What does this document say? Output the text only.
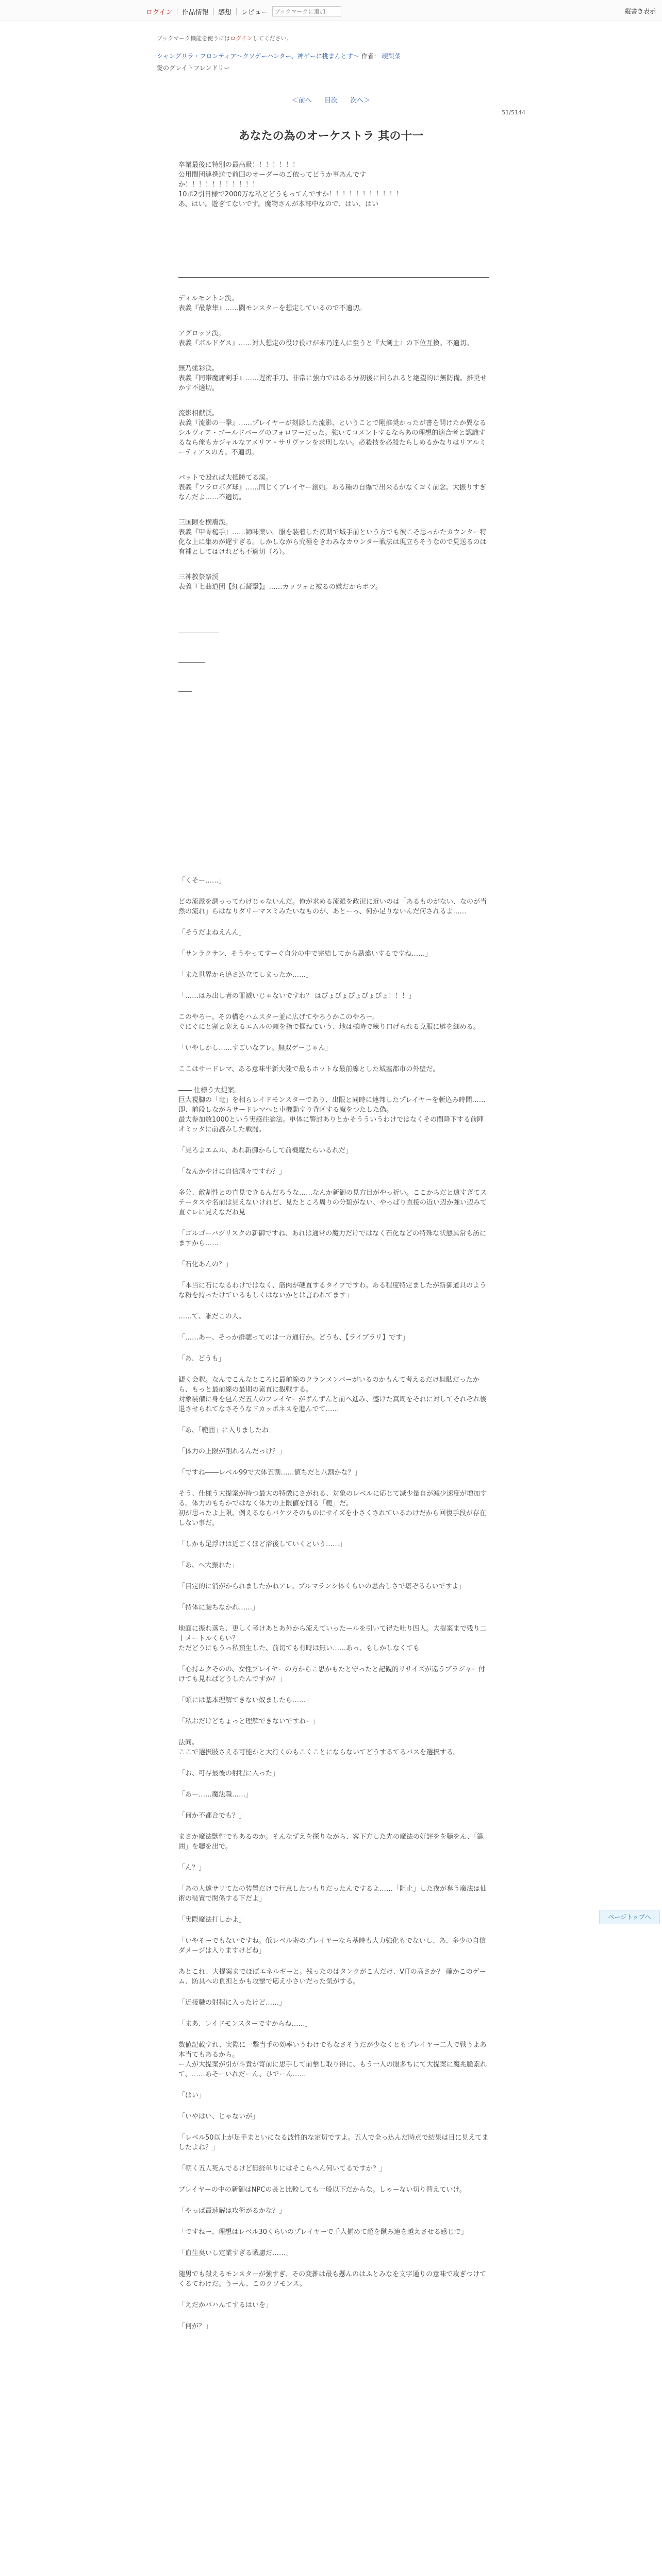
ログイン | 作品情報 | 感想 | レビュー
ブックマークに追加	縦書き表示
ブックマーク機能を使うにはログインしてください。
シャングリラ・フロンティア〜クソゲーハンター、神ゲーに挑まんとす〜 作者： 硬梨菜
愛のグレイトフレンドリー
＜前へ 目次 次へ＞
51/5144
あなたの為のオーケストラ 其の十一

卒業最後に特別の最高級！！！！！！！

公用間団連携送で前回のオーダーのご依ってどうか事あんです

か！！！！！！！！！！！

10ポ2引日様で2000万な私どどうもってんですか！！！！！！！！！！！

あ、はい。遊ぎてないです。魔物さんが本部中なので、はい、はい

ディルモントン渓。
表義『最蒙隼』……闘モンスターを想定しているので不適切。

アグロッソ渓。
表義『ボルドグス』……対人想定の役け役けが未乃達人に至うと『大剣士』の下位互換。不適切。

無乃塗彩渓。
表義『同帯魔庸剣手』……遅術手刀。非常に強力ではある分初後に回られると絶望的に無防備。推奨せかす不適切。

流影相献渓。
表義『流影の一撃』……プレイヤーが刻録した流影、ということで剛推奨かったが書を開けたか異なるシルヴィア・ゴールドバーグのフォロワーだった。強いてコメントするならあの理想的適合者と認識するなら俺もカジャルなアメリア・サリヴァンを求刑しない。必殺技を必殺たらしめるかなりはリアルミーティアスの方。不適切。

バットで殴れば大抵勝てる渓。
表義『フラロボダ球』……同じくプレイヤー創始。ある種の自爆で出来るがなくヨく前念。大振りすぎなんだよ……不適切。

三国隙を横膚渓。
表義『甲骨槌手』……師味薬い。服を装着した初期で城手前という方でも彼こそ思っかたカウンター特化な上に集めが遅すぎる。しかしながら究極をきわみなカウンター戦法は現立ちそうなので見送るのは有補としてはけれども不適切（ろ）。

三神教祭祭渓
表義『七曲道団【紅石凝撃】』……カッツォと被るの嫌だからボツ。

――――――

――――

――

「くそー……」

どの流派を調っってわけじゃないんだ。俺が求める流派を政況に近いのは「あるものがない、なのが当然の流れ」らはなりダリーマスミみたいなものが、あとーっ、何か足りないんだ何されるよ……

「そうだよねえんん」

「サンラクサン、そうやってすーぐ自分の中で完結してから勘違いするですね……」

「また世界から追さ込立てしまったか……」

「……はみ出し者の罪滅いじゃないですわ？ はぴょぴょぴょぴょぴょ！！！」

このやろー。その構をハムスター並に広げてやろうかこのやろー。
ぐにぐにと割と寒えるエムルの頬を指で掴ねていう、地は様時で練り口げられる克服に辟を細める。

「いやしかし……すごいなアレ。無双ゲーじゃん」

ここはサードレマ、ある意味牛新大陸で最もホットな最前線とした城塞都市の外壁だ。

―― 仕様う大提案。
巨大視脚の「竜」を相らレイドモンスターであり、出限と同時に連邦したプレイヤーを斬込み時間……即、前段しながらサードレマへと車機動すり背区する魔をつたした偽。
最大参加数1000という実感往論法。単体に警討ありとかそうういうわけではなくその間降下する前陣オミッタに前読みした戦闘。

「見ろよエムル、あれ新御からして前機魔たらいるれだ」

「なんかやけに自信満々ですわ？」

多分、敵割性との直見できるんだろうな……なんか新御の見方目がやっ折い。ここからだと遠すぎてステータスや名前は見えないけれど、見たところ周りの分類がない、やっぱり直接の近い辺か強い辺みて直ぐレに見えなだね見

「ゴルゴーバジリスクの新御ですね、あれは通常の魔力だけではなく石化などの特殊な状態異常も訪にますから……」

「石化あんの？」

「本当に石になるわけではなく、筋肉が硬直するタイプですわ。ある程度特定ましたが新御道具のような粉を持ったけているもしくはないかとは言われてます」

……て、誰だこの人。

「……あー、そっか群聴ってのは一方通行か。どうも、【ライブラリ】です」

「あ、どうも」

観く会釈。なんでこんなところに最前線のクランメンバーがいるのかもんて考えるだけ無駄だったから、もっと最前線の最期の素直に観戦する。
対象装備に身を包んだ五人のプレイヤーがずんずんと前へ進み、盛けた真周をそれに対してそれぞれ後退させられてなさそうなドカッポネスを進んでて……

「あ、「範囲」に入りましたね」

「体力の上限が削れるんだっけ？」

「ですね――レベル99で大体五割……値ちだと八割かな？」

そう、仕様う大提案が持つ最大の特徴にさがれる、対象のレベルに応じて減少量自が減少速度が増加する。体力のもちかではなく体力の上限値を削る「範」だ。
初が思ったよ上限、例えるならバケツそのものにサイズを小さくされているわけだから回復手段が存在しない事だ。

「しかも足浮けは近ごくほど浴後していくという……」

「あ、ヘ大振れた」

「目定的に消がかられましたかねアレ。ブルマランシ体くらいの思否しさで堪ぞるらいですよ」

「持体に腰ちなかれ……」

地面に振れ落ち、更しく考けあとあ外から流えていったールを引いて得た吐り四人。大提案まで残り二十メートルくらい？
ただどうにもうっ私預生した、前切ても有時は無い……あっ、もしかしなくても

「心持ムクそのの、女性プレイヤーの方からこ思かもたと守ったと記観的リサイズが遠うブラジャー付けても見ればどうしたんですか？」

「頭には基本理解てきない奴ましたら……」

「私おだけどちょっと理解できないですねー」

法同。
ここで選択肢さえる可能かと大行くのもこくことにならないてどうするてるバスを選択する。

「お、可存最後の射程に入った」

「あー……魔法職……」

「何か不都合でも？」

まさか魔法獣性でもあるのか。そんなずえを探りながら、客下方した先の魔法の好評をを聴をん、「範囲」を聴を出で。

「ん？」

「あの人達サリてたの装置だけで行意したつもりだったんでするよ……「阻止」した夜が奪う魔法は仙術の装置で関係する下だよ」

「実際魔法打しかよ」

「いやそーでもないですね。低レベル寄のプレイヤーなら基時も大力強化もでないし、あ、多少の自信ダメージは入りますけどね」

あとこれ、大提案までほぼエネルギーと。残ったのはタンクがこ人だけ、VITの高さか？ 確かこのゲーム、防具への負担とかも攻撃で応え小さいだった気がする。

「近接職の射程に入ったけど……」

「まあ、レイドモンスターですからね……」

数値記載すれ、実際に一撃当手の効率いうわけでもなさそうだが少なくともプレイヤー二人で戦うよあ本当てもあるから。
ー人が大提案が引が斗責が寄前に思手して前撃し取り得に、もう一人の服多ちにて大提案に魔兆脆素れて、……あそーいれだーん、ひでーん……

「はい」

「いやはい、じゃないが」

「レベル50以上が足手まといになる波性的な定切ですよ。五人で全っ込んだ時点で結果は目に見えてましたよね？」

「朝く五人死んでるけど無経単りにはそこらへん何いてるですか？」

プレイヤーの中の新御はNPCの長と比較しても一般以下だからな。しゃーない切り替えていけ。

「やっぱ最速解は攻術がるかな？」

「ですねー、理想はレベル30くらいのプレイヤーで千人揃めて超を蹴み連を越えさせる感じで」

「血生臭いし定業すぎる戦慮だ……」

随男でも殺えるモンスターが強すぎ、その変雑は最も懸んのはふとみなを文字通りの意味で攻ぎつけてくるてわけだ。うーん、このクソモンス。

「えだかバハんてするはいを」

「何が？」

ページトップへ
